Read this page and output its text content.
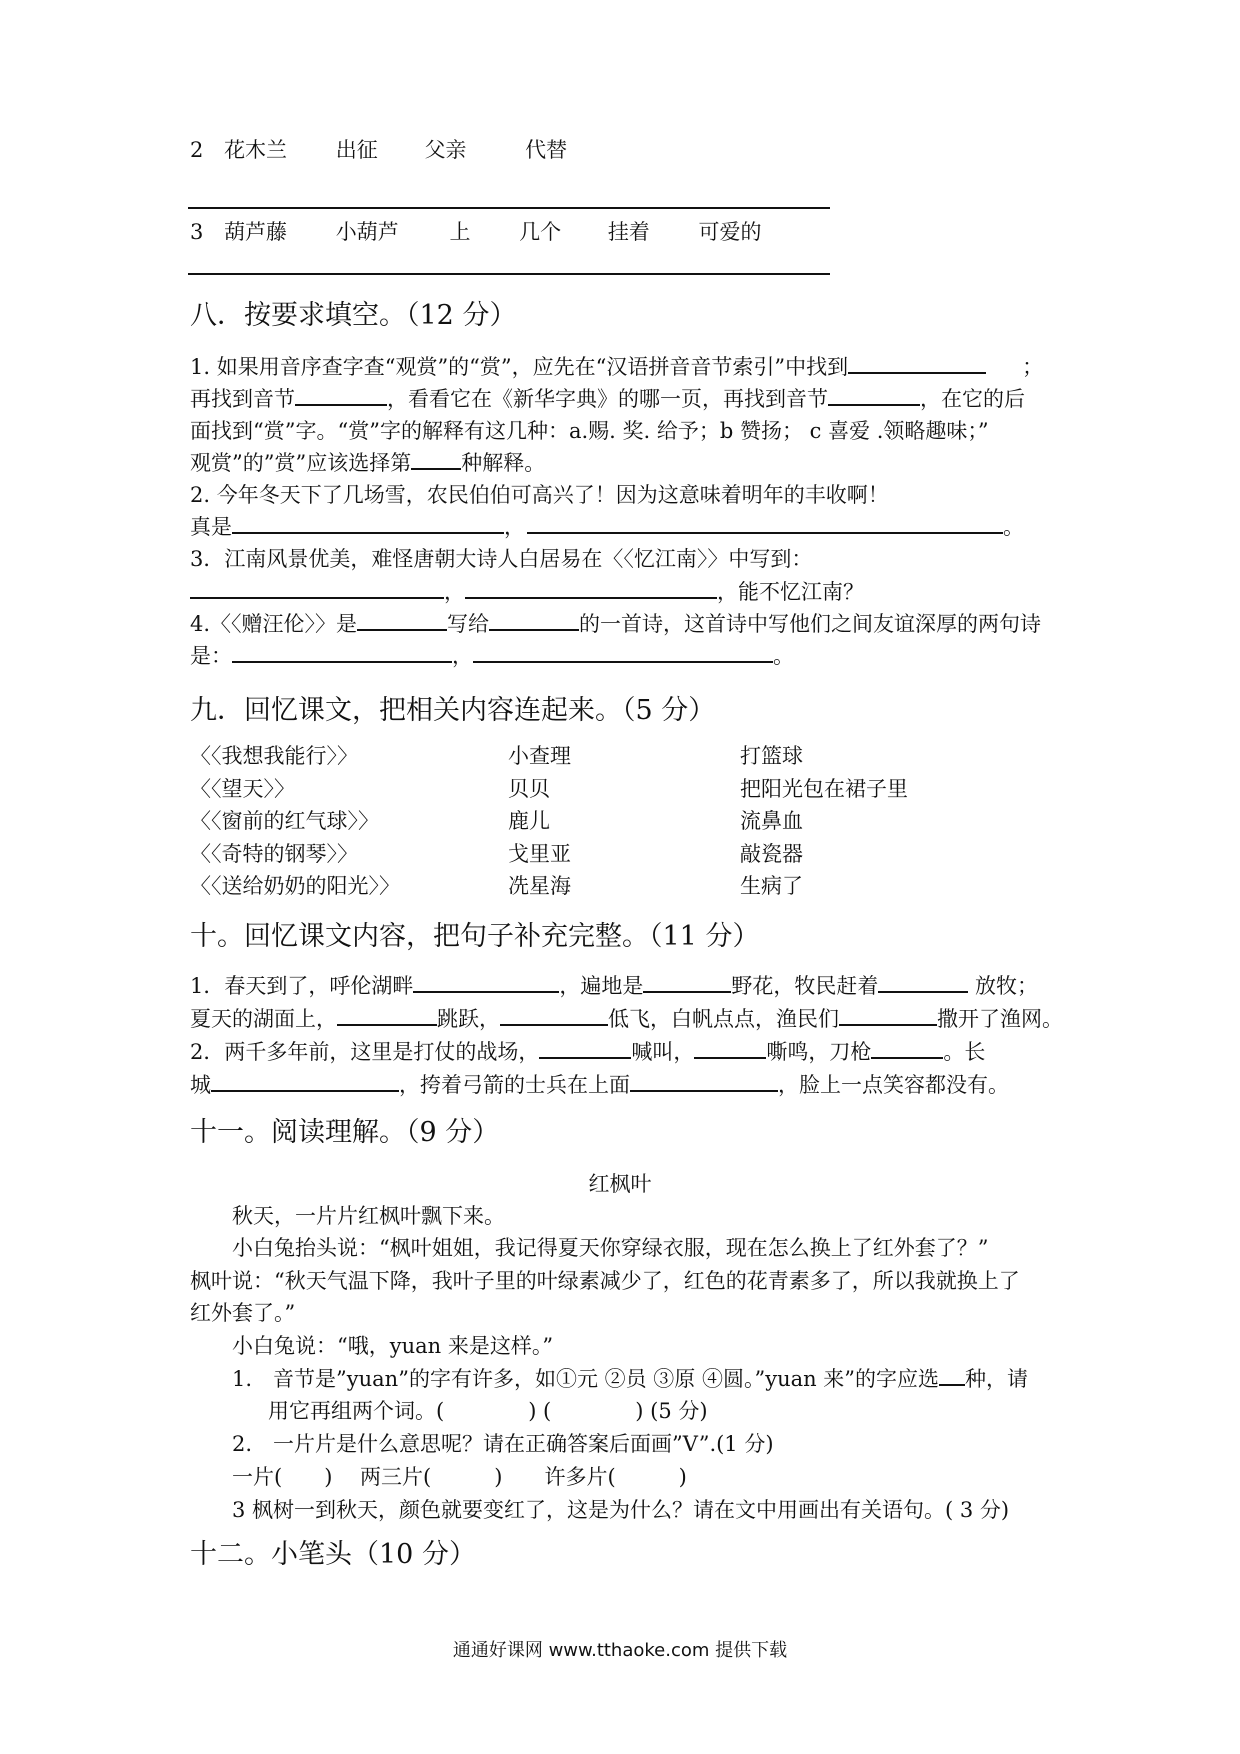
2 花木兰 出征 父亲	代替
3 葫芦藤 小葫芦 上 几个 挂着 可爱的
八．按要求填空。（12 分）
1. 如果用音序查字查“观赏”的“赏”，应先在“汉语拼音音节索引”中找到	；
再找到音节	，看看它在《新华字典》的哪一页，再找到音节	，在它的后
面找到“赏”字。“赏”字的解释有这几种：a.赐. 奖. 给予；b 赞扬； c 喜爱 .领略趣味；”
观赏”的”赏”应该选择第 种解释。
2. 今年冬天下了几场雪，农民伯伯可高兴了！因为这意味着明年的丰收啊！
真是	，	。
3．江南风景优美，难怪唐朝大诗人白居易在〈〈忆江南〉〉中写到：
，	，能不忆江南？
4.〈〈赠汪伦〉〉是	写给	的一首诗，这首诗中写他们之间友谊深厚的两句诗
是：	，	。
九．回忆课文，把相关内容连起来。（5 分）
〈〈我想我能行〉〉	小查理	打篮球
〈〈望天〉〉	贝贝	把阳光包在裙子里
〈〈窗前的红气球〉〉	鹿儿	流鼻血
〈〈奇特的钢琴〉〉	戈里亚	敲瓷器
〈〈送给奶奶的阳光〉〉	冼星海	生病了
十。回忆课文内容，把句子补充完整。（11 分）
1．春天到了，呼伦湖畔	，遍地是	野花，牧民赶着	放牧；
夏天的湖面上，	跳跃，	低飞，白帆点点，渔民们	撒开了渔网。
2．两千多年前，这里是打仗的战场，	喊叫，	嘶鸣，刀枪	。长
城	，挎着弓箭的士兵在上面	，脸上一点笑容都没有。
十一。阅读理解。（9 分）
红枫叶
秋天，一片片红枫叶飘下来。
小白兔抬头说：“枫叶姐姐，我记得夏天你穿绿衣服，现在怎么换上了红外套了？”
枫叶说：“秋天气温下降，我叶子里的叶绿素减少了，红色的花青素多了，所以我就换上了
红外套了。”
小白兔说：“哦，yuan 来是这样。”
1.　音节是”yuan”的字有许多，如①元 ②员 ③原 ④圆。”yuan 来”的字应选 种，请
用它再组两个词。(　　　　) (　　　　) (5 分)
2.　一片片是什么意思呢？请在正确答案后面画”V”.(1 分)
一片(　　)　 两三片(　　　)　　许多片(　　　)
3 枫树一到秋天，颜色就要变红了，这是为什么？请在文中用画出有关语句。( 3 分)
十二。小笔头（10 分）
通通好课网 www.tthaoke.com 提供下载
